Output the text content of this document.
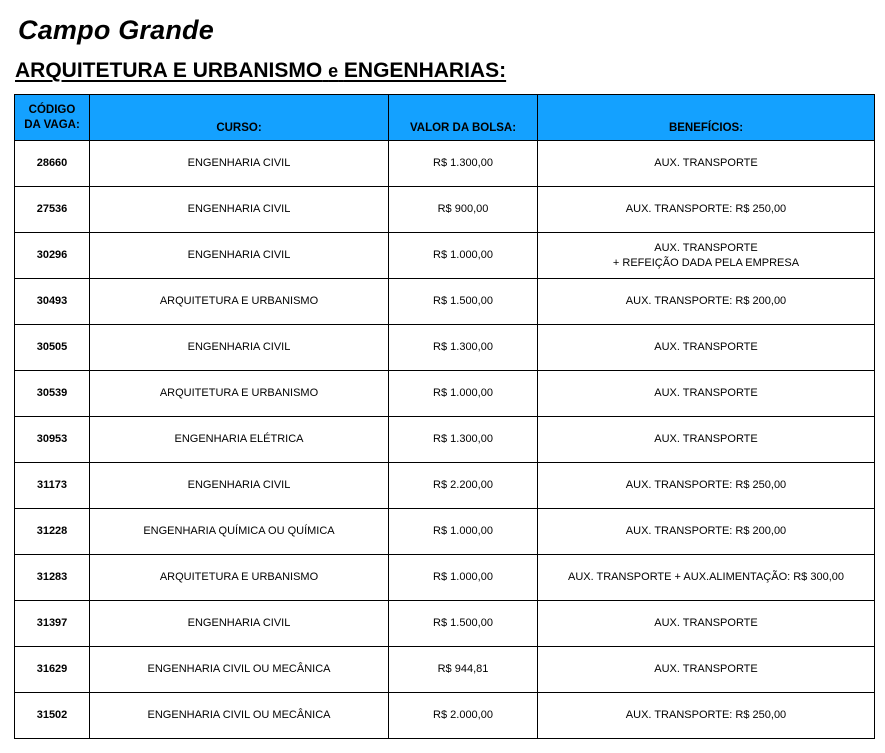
Campo Grande
ARQUITETURA E URBANISMO e ENGENHARIAS:
CÓDIGO
DA VAGA:	CURSO:	VALOR DA BOLSA:	BENEFÍCIOS:
28660	ENGENHARIA CIVIL	R$ 1.300,00	AUX. TRANSPORTE
27536	ENGENHARIA CIVIL	R$ 900,00	AUX. TRANSPORTE: R$ 250,00
30296	ENGENHARIA CIVIL	R$ 1.000,00	AUX. TRANSPORTE
+ REFEIÇÃO DADA PELA EMPRESA
30493	ARQUITETURA E URBANISMO	R$ 1.500,00	AUX. TRANSPORTE: R$ 200,00
30505	ENGENHARIA CIVIL	R$ 1.300,00	AUX. TRANSPORTE
30539	ARQUITETURA E URBANISMO	R$ 1.000,00	AUX. TRANSPORTE
30953	ENGENHARIA ELÉTRICA	R$ 1.300,00	AUX. TRANSPORTE
31173	ENGENHARIA CIVIL	R$ 2.200,00	AUX. TRANSPORTE: R$ 250,00
31228	ENGENHARIA QUÍMICA OU QUÍMICA	R$ 1.000,00	AUX. TRANSPORTE: R$ 200,00
31283	ARQUITETURA E URBANISMO	R$ 1.000,00	AUX. TRANSPORTE + AUX.ALIMENTAÇÃO: R$ 300,00
31397	ENGENHARIA CIVIL	R$ 1.500,00	AUX. TRANSPORTE
31629	ENGENHARIA CIVIL OU MECÂNICA	R$ 944,81	AUX. TRANSPORTE
31502	ENGENHARIA CIVIL OU MECÂNICA	R$ 2.000,00	AUX. TRANSPORTE: R$ 250,00
